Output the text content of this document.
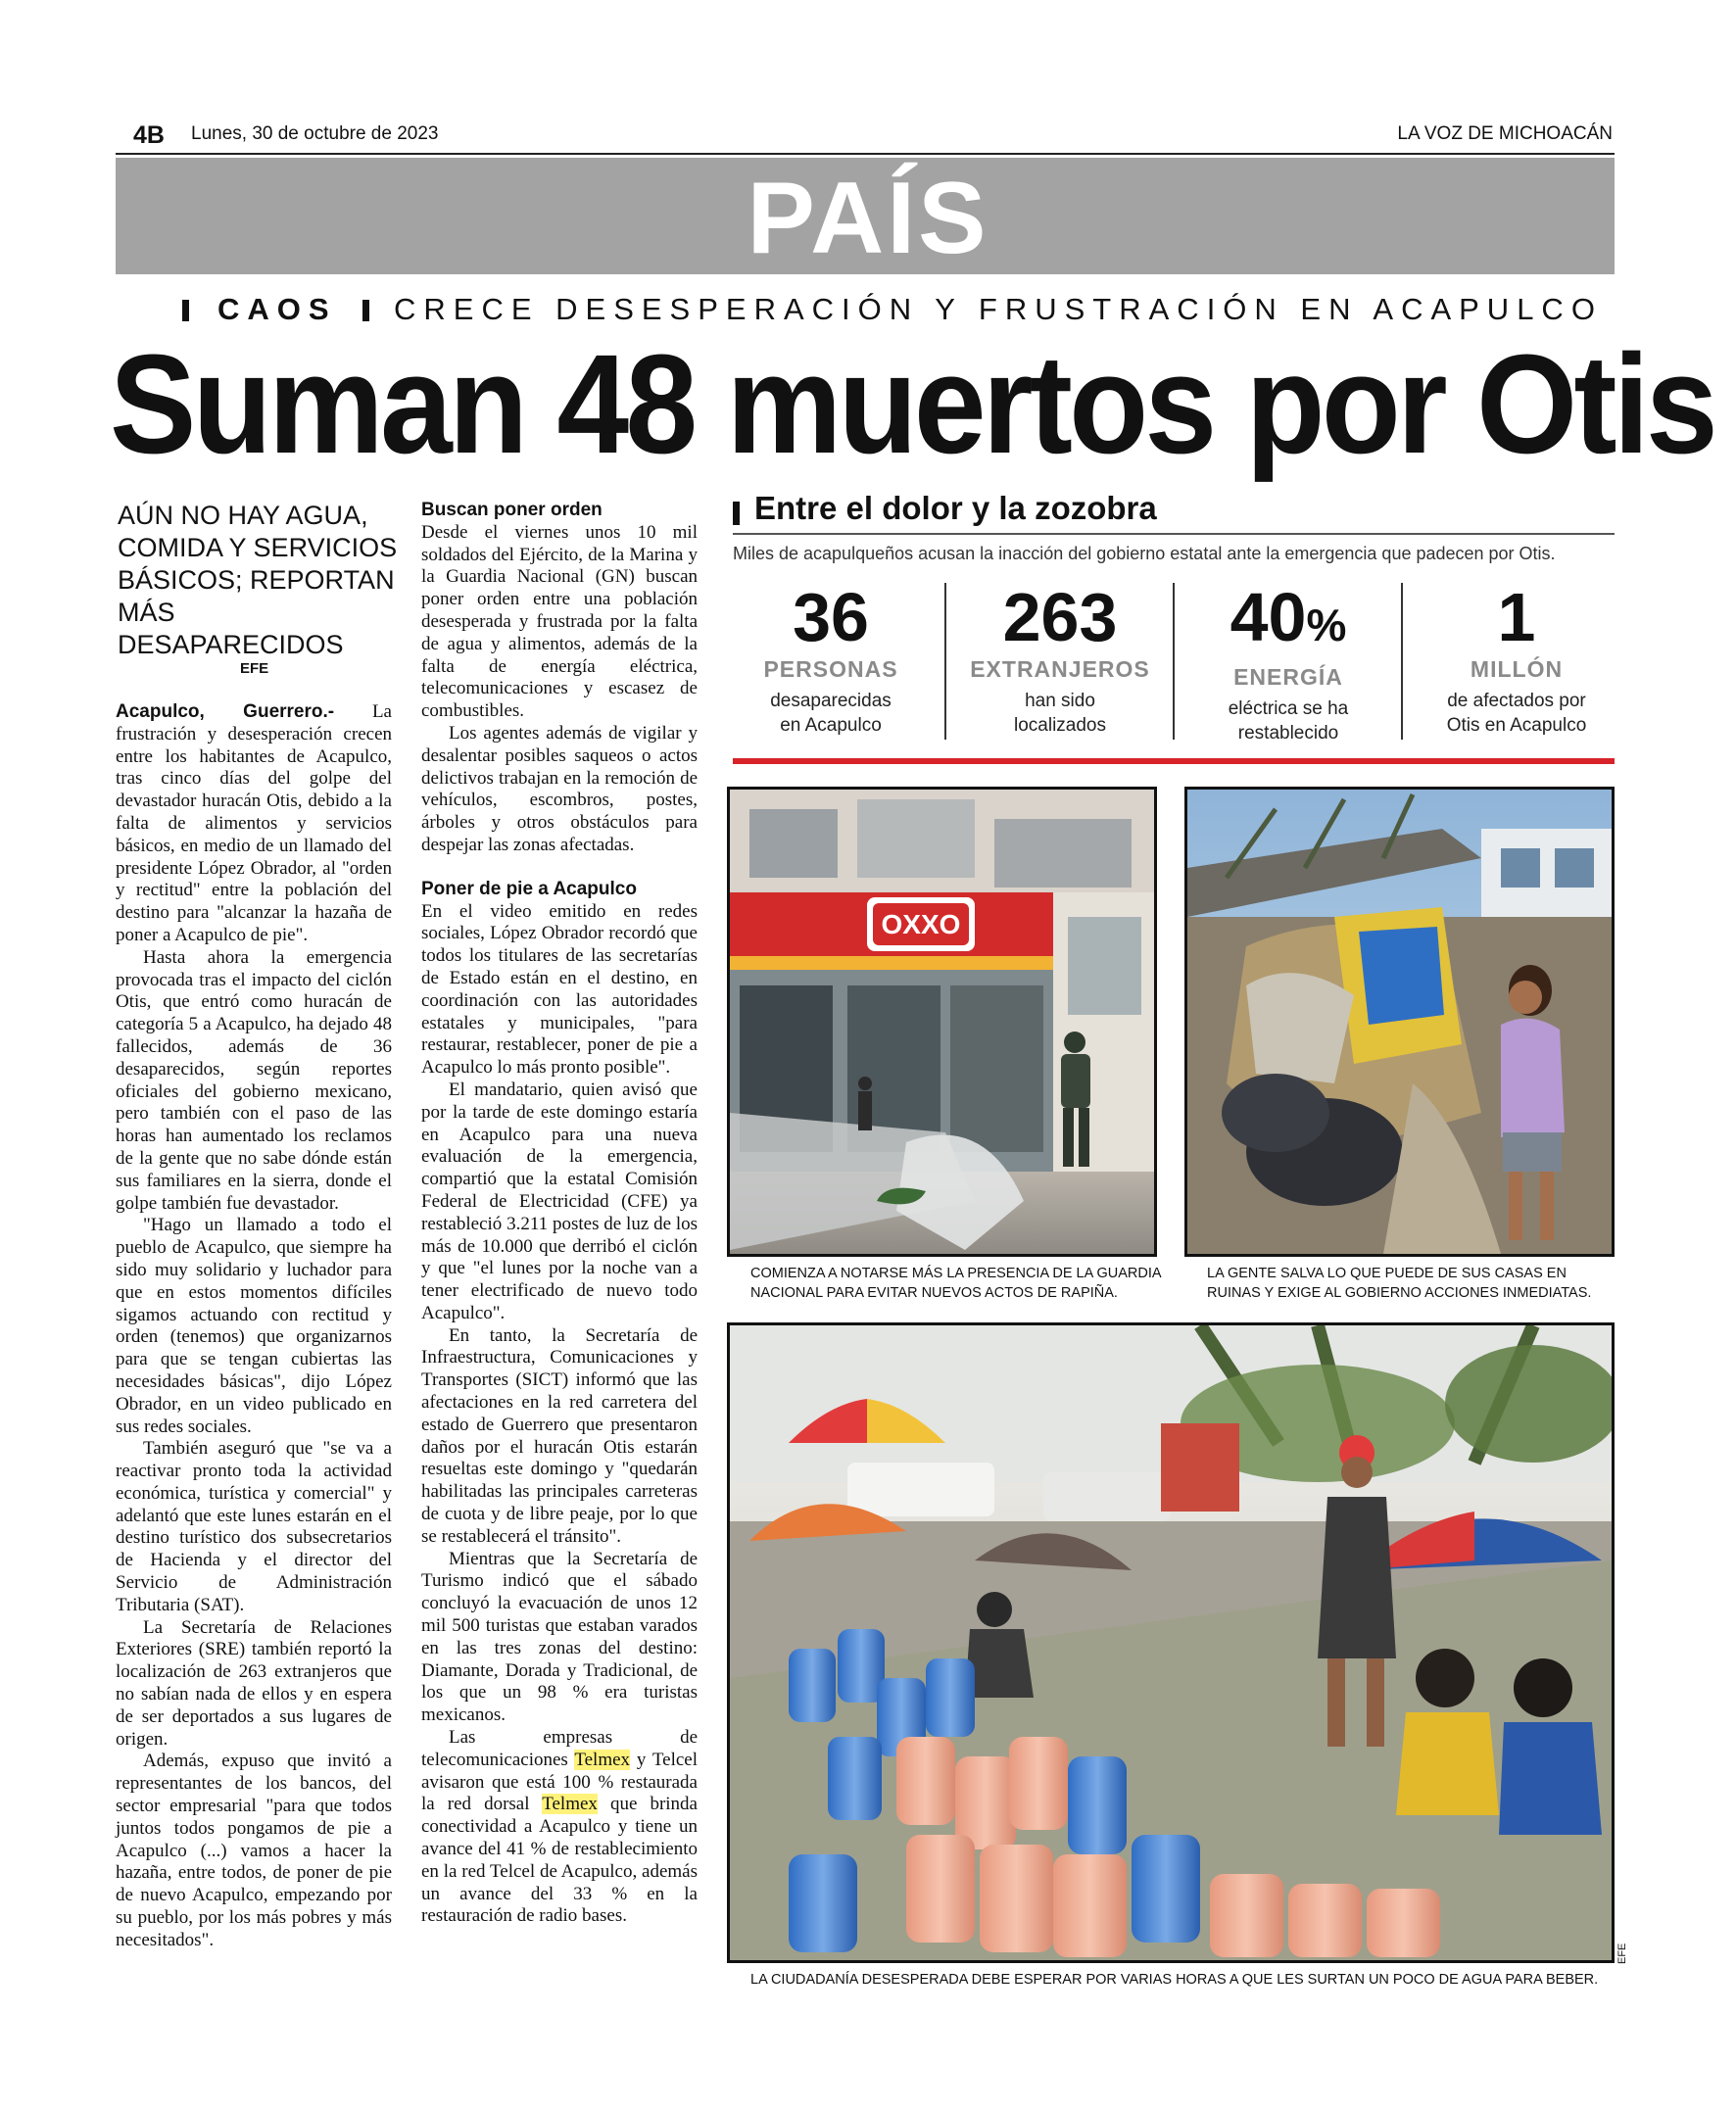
4B Lunes, 30 de octubre de 2023	LA VOZ DE MICHOACÁN
PAÍS
CAOS CRECE DESESPERACIÓN Y FRUSTRACIÓN EN ACAPULCO
Suman 48 muertos por Otis
AÚN NO HAY AGUA, COMIDA Y SERVICIOS BÁSICOS; REPORTAN MÁS DESAPARECIDOS
EFE

Acapulco, Guerrero.- La frustración y desesperación crecen entre los habitantes de Acapulco, tras cinco días del golpe del devastador huracán Otis, debido a la falta de alimentos y servicios básicos, en medio de un llamado del presidente López Obrador, al "orden y rectitud" entre la población del destino para "alcanzar la hazaña de poner a Acapulco de pie".

Hasta ahora la emergencia provocada tras el impacto del ciclón Otis, que entró como huracán de categoría 5 a Acapulco, ha dejado 48 fallecidos, además de 36 desaparecidos, según reportes oficiales del gobierno mexicano, pero también con el paso de las horas han aumentado los reclamos de la gente que no sabe dónde están sus familiares en la sierra, donde el golpe también fue devastador.

"Hago un llamado a todo el pueblo de Acapulco, que siempre ha sido muy solidario y luchador para que en estos momentos difíciles sigamos actuando con rectitud y orden (tenemos) que organizarnos para que se tengan cubiertas las necesidades básicas", dijo López Obrador, en un video publicado en sus redes sociales.

También aseguró que "se va a reactivar pronto toda la actividad económica, turística y comercial" y adelantó que este lunes estarán en el destino turístico dos subsecretarios de Hacienda y el director del Servicio de Administración Tributaria (SAT).

La Secretaría de Relaciones Exteriores (SRE) también reportó la localización de 263 extranjeros que no sabían nada de ellos y en espera de ser deportados a sus lugares de origen.

Además, expuso que invitó a representantes de los bancos, del sector empresarial "para que todos juntos todos pongamos de pie a Acapulco (...) vamos a hacer la hazaña, entre todos, de poner de pie de nuevo Acapulco, empezando por su pueblo, por los más pobres y más necesitados".

Buscan poner orden

Desde el viernes unos 10 mil soldados del Ejército, de la Marina y la Guardia Nacional (GN) buscan poner orden entre una población desesperada y frustrada por la falta de agua y alimentos, además de la falta de energía eléctrica, telecomunicaciones y escasez de combustibles.

Los agentes además de vigilar y desalentar posibles saqueos o actos delictivos trabajan en la remoción de vehículos, escombros, postes, árboles y otros obstáculos para despejar las zonas afectadas.

Poner de pie a Acapulco

En el video emitido en redes sociales, López Obrador recordó que todos los titulares de las secretarías de Estado están en el destino, en coordinación con las autoridades estatales y municipales, "para restaurar, restablecer, poner de pie a Acapulco lo más pronto posible".

El mandatario, quien avisó que por la tarde de este domingo estaría en Acapulco para una nueva evaluación de la emergencia, compartió que la estatal Comisión Federal de Electricidad (CFE) ya restableció 3.211 postes de luz de los más de 10.000 que derribó el ciclón y que "el lunes por la noche van a tener electrificado de nuevo todo Acapulco".

En tanto, la Secretaría de Infraestructura, Comunicaciones y Transportes (SICT) informó que las afectaciones en la red carretera del estado de Guerrero que presentaron daños por el huracán Otis estarán resueltas este domingo y "quedarán habilitadas las principales carreteras de cuota y de libre peaje, por lo que se restablecerá el tránsito".

Mientras que la Secretaría de Turismo indicó que el sábado concluyó la evacuación de unos 12 mil 500 turistas que estaban varados en las tres zonas del destino: Diamante, Dorada y Tradicional, de los que un 98 % era turistas mexicanos.

Las empresas de telecomunicaciones Telmex y Telcel avisaron que está 100 % restaurada la red dorsal Telmex que brinda conectividad a Acapulco y tiene un avance del 41 % de restablecimiento en la red Telcel de Acapulco, además un avance del 33 % en la restauración de radio bases.

Entre el dolor y la zozobra
Miles de acapulqueños acusan la inacción del gobierno estatal ante la emergencia que padecen por Otis.
36
PERSONAS
desaparecidas
en Acapulco
263
EXTRANJEROS
han sido
localizados
40%
ENERGÍA
eléctrica se ha
restablecido
1
MILLÓN
de afectados por
Otis en Acapulco
OXXO
COMIENZA A NOTARSE MÁS LA PRESENCIA DE LA GUARDIA NACIONAL PARA EVITAR NUEVOS ACTOS DE RAPIÑA.
LA GENTE SALVA LO QUE PUEDE DE SUS CASAS EN RUINAS Y EXIGE AL GOBIERNO ACCIONES INMEDIATAS.
EFE
LA CIUDADANÍA DESESPERADA DEBE ESPERAR POR VARIAS HORAS A QUE LES SURTAN UN POCO DE AGUA PARA BEBER.
